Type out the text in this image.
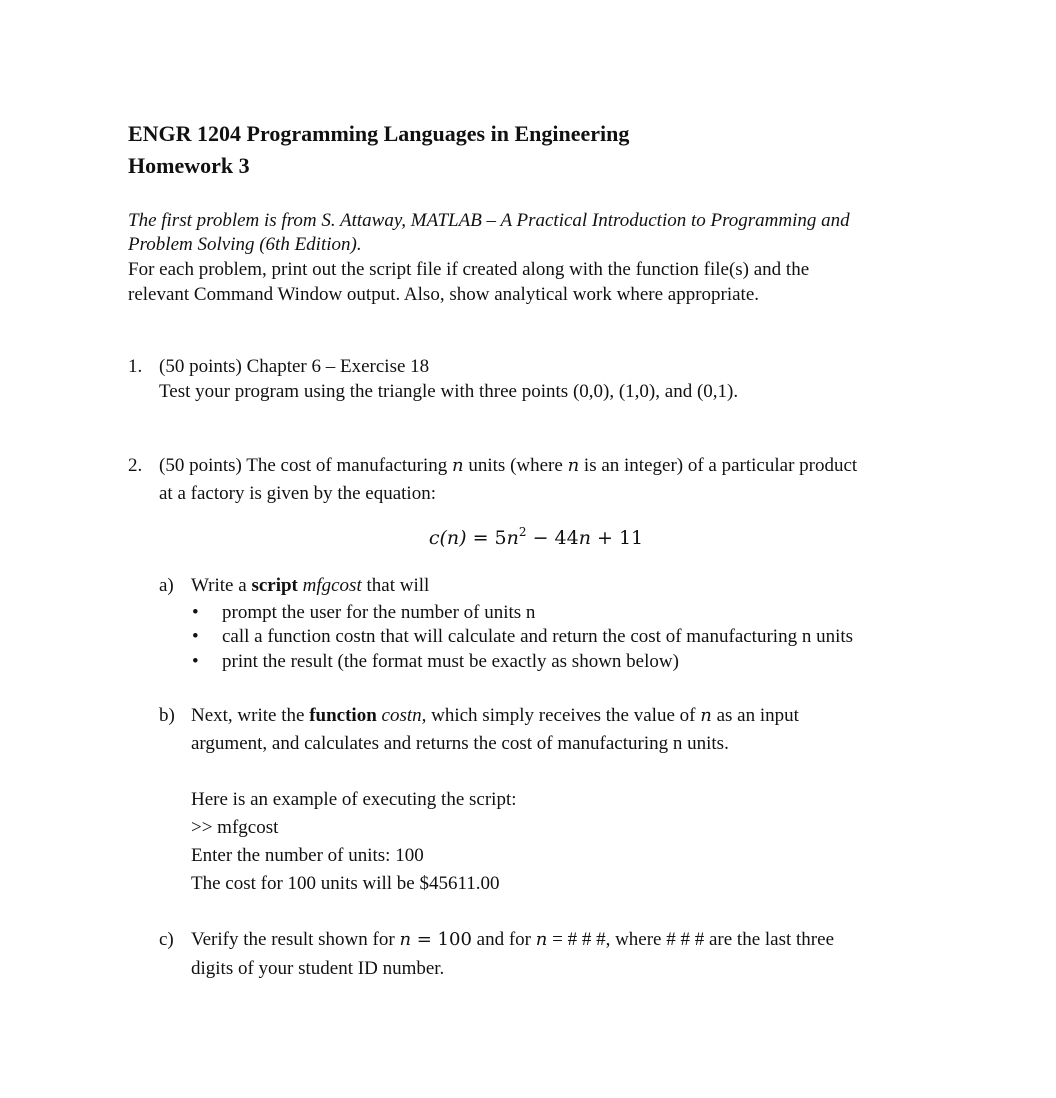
ENGR 1204 Programming Languages in Engineering
Homework 3
The first problem is from S. Attaway, MATLAB – A Practical Introduction to Programming and
Problem Solving (6th Edition).
For each problem, print out the script file if created along with the function file(s) and the
relevant Command Window output. Also, show analytical work where appropriate.
1. (50 points) Chapter 6 – Exercise 18
Test your program using the triangle with three points (0,0), (1,0), and (0,1).
2. (50 points) The cost of manufacturing n units (where n is an integer) of a particular product
at a factory is given by the equation:
$c(n) = 5n^2 - 44n + 11$
a) Write a script mfgcost that will
• prompt the user for the number of units n
• call a function costn that will calculate and return the cost of manufacturing n units
• print the result (the format must be exactly as shown below)
b) Next, write the function costn, which simply receives the value of n as an input
argument, and calculates and returns the cost of manufacturing n units.
Here is an example of executing the script:
>> mfgcost
Enter the number of units: 100
The cost for 100 units will be $45611.00
c) Verify the result shown for n = 100 and for n = # # #, where # # # are the last three
digits of your student ID number.
